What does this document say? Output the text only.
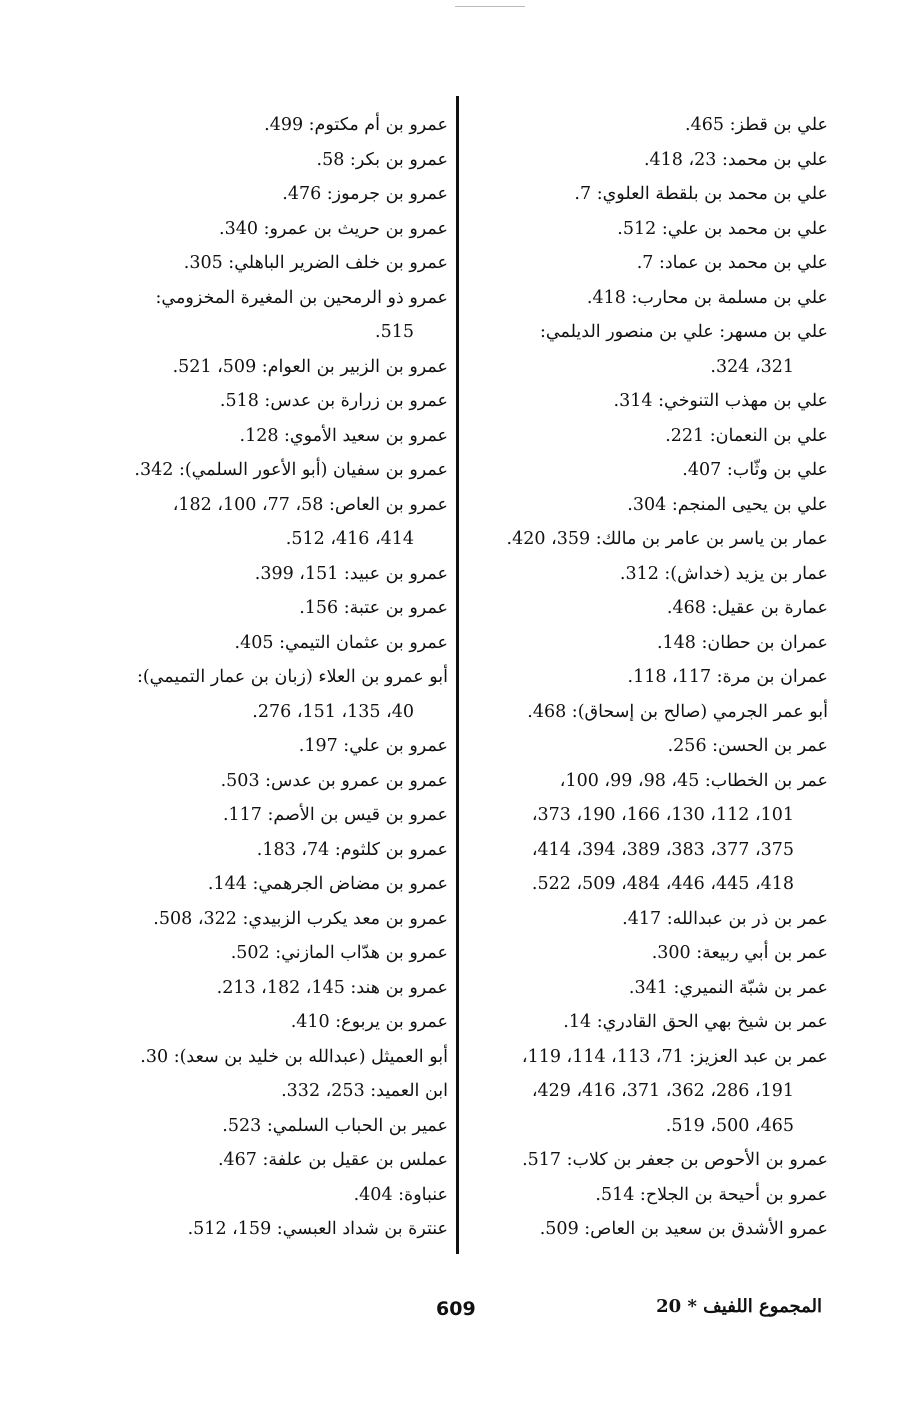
علي بن قطز: 465.
علي بن محمد: 23، 418.
علي بن محمد بن بلقطة العلوي: 7.
علي بن محمد بن علي: 512.
علي بن محمد بن عماد: 7.
علي بن مسلمة بن محارب: 418.
علي بن مسهر: علي بن منصور الديلمي:
321، 324.
علي بن مهذب التنوخي: 314.
علي بن النعمان: 221.
علي بن وثّاب: 407.
علي بن يحيى المنجم: 304.
عمار بن ياسر بن عامر بن مالك: 359، 420.
عمار بن يزيد (خداش): 312.
عمارة بن عقيل: 468.
عمران بن حطان: 148.
عمران بن مرة: 117، 118.
أبو عمر الجرمي (صالح بن إسحاق): 468.
عمر بن الحسن: 256.
عمر بن الخطاب: 45، 98، 99، 100،
101، 112، 130، 166، 190، 373،
375، 377، 383، 389، 394، 414،
418، 445، 446، 484، 509، 522.
عمر بن ذر بن عبدالله: 417.
عمر بن أبي ربيعة: 300.
عمر بن شبّة النميري: 341.
عمر بن شيخ بهي الحق القادري: 14.
عمر بن عبد العزيز: 71، 113، 114، 119،
191، 286، 362، 371، 416، 429،
465، 500، 519.
عمرو بن الأحوص بن جعفر بن كلاب: 517.
عمرو بن أحيحة بن الجلاح: 514.
عمرو الأشدق بن سعيد بن العاص: 509.
عمرو بن أم مكتوم: 499.
عمرو بن بكر: 58.
عمرو بن جرموز: 476.
عمرو بن حريث بن عمرو: 340.
عمرو بن خلف الضرير الباهلي: 305.
عمرو ذو الرمحين بن المغيرة المخزومي:
515.
عمرو بن الزبير بن العوام: 509، 521.
عمرو بن زرارة بن عدس: 518.
عمرو بن سعيد الأموي: 128.
عمرو بن سفيان (أبو الأعور السلمي): 342.
عمرو بن العاص: 58، 77، 100، 182،
414، 416، 512.
عمرو بن عبيد: 151، 399.
عمرو بن عتبة: 156.
عمرو بن عثمان التيمي: 405.
أبو عمرو بن العلاء (زبان بن عمار التميمي):
40، 135، 151، 276.
عمرو بن علي: 197.
عمرو بن عمرو بن عدس: 503.
عمرو بن قيس بن الأصم: 117.
عمرو بن كلثوم: 74، 183.
عمرو بن مضاض الجرهمي: 144.
عمرو بن معد يكرب الزبيدي: 322، 508.
عمرو بن هدّاب المازني: 502.
عمرو بن هند: 145، 182، 213.
عمرو بن يربوع: 410.
أبو العميثل (عبدالله بن خليد بن سعد): 30.
ابن العميد: 253، 332.
عمير بن الحباب السلمي: 523.
عملس بن عقيل بن علفة: 467.
عنباوة: 404.
عنترة بن شداد العبسي: 159، 512.
المجموع اللفيف * 20
609
